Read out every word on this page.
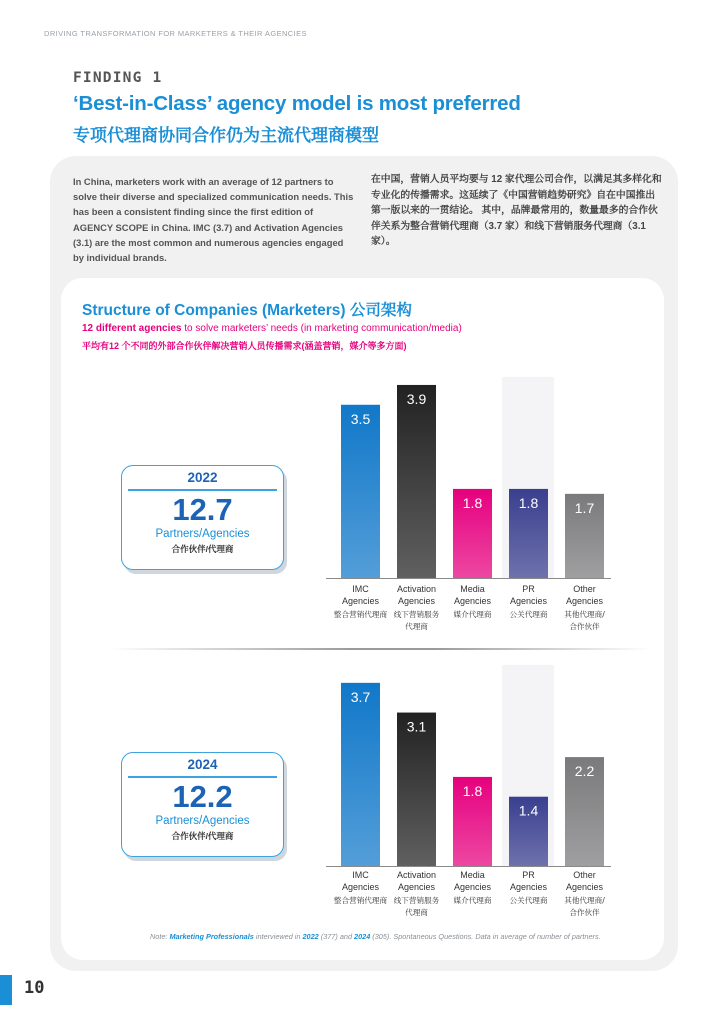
DRIVING TRANSFORMATION FOR MARKETERS & THEIR AGENCIES
FINDING 1
‘Best-in-Class’ agency model is most preferred
专项代理商协同合作仍为主流代理商模型
In China, marketers work with an average of 12 partners to solve their diverse and specialized communication needs. This has been a consistent finding since the first edition of AGENCY SCOPE in China. IMC (3.7) and Activation Agencies (3.1) are the most common and numerous agencies engaged by individual brands.
在中国，营销人员平均要与 12 家代理公司合作，以满足其多样化和专业化的传播需求。这延续了《中国营销趋势研究》自在中国推出第一版以来的一贯结论。 其中，品牌最常用的，数量最多的合作伙伴关系为整合营销代理商（3.7 家）和线下营销服务代理商（3.1 家）。
Structure of Companies (Marketers) 公司架构
12 different agencies to solve marketers’ needs (in marketing communication/media)
平均有12 个不同的外部合作伙伴解决营销人员传播需求(涵盖营销，媒介等多方面)
2022
12.7
Partners/Agencies
合作伙伴/代理商
2024
12.2
Partners/Agencies
合作伙伴/代理商
3.5
IMC
Agencies
整合营销代理商
3.9
Activation
Agencies
线下营销服务
代理商
1.8
Media
Agencies
媒介代理商
1.8
PR
Agencies
公关代理商
1.7
Other
Agencies
其他代理商/
合作伙伴
3.7
IMC
Agencies
整合营销代理商
3.1
Activation
Agencies
线下营销服务
代理商
1.8
Media
Agencies
媒介代理商
1.4
PR
Agencies
公关代理商
2.2
Other
Agencies
其他代理商/
合作伙伴
Note: Marketing Professionals interviewed in 2022 (377) and 2024 (305). Spontaneous Questions. Data in average of number of partners.
10
